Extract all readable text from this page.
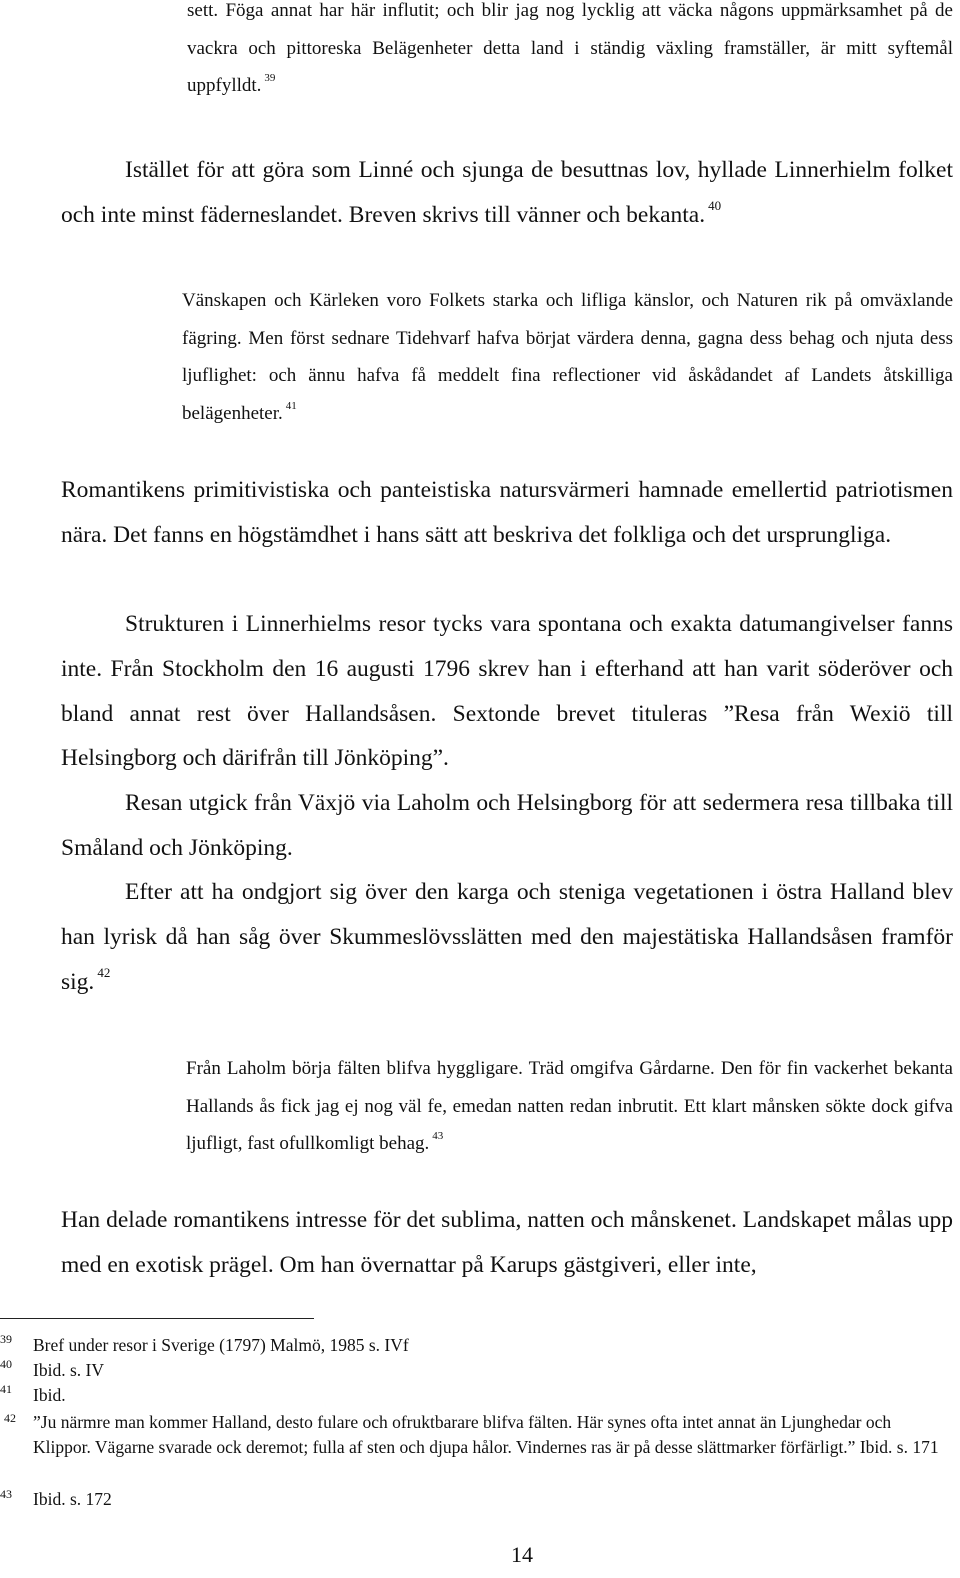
sett. Föga annat har här influtit; och blir jag nog lycklig att väcka någons uppmärksamhet på de vackra och pittoreska Belägenheter detta land i ständig växling framställer, är mitt syftemål uppfylldt. $^{39}$

Istället för att göra som Linné och sjunga de besuttnas lov, hyllade Linnerhielm folket och inte minst fäderneslandet. Breven skrivs till vänner och bekanta. $^{40}$

Vänskapen och Kärleken voro Folkets starka och lifliga känslor, och Naturen rik på omväxlande fägring. Men först sednare Tidehvarf hafva börjat värdera denna, gagna dess behag och njuta dess ljuflighet: och ännu hafva få meddelt fina reflectioner vid åskådandet af Landets åtskilliga belägenheter. $^{41}$

Romantikens primitivistiska och panteistiska natursvärmeri hamnade emellertid patriotismen nära. Det fanns en högstämdhet i hans sätt att beskriva det folkliga och det ursprungliga.

Strukturen i Linnerhielms resor tycks vara spontana och exakta datumangivelser fanns inte. Från Stockholm den 16 augusti 1796 skrev han i efterhand att han varit söderöver och bland annat rest över Hallandsåsen. Sextonde brevet tituleras ”Resa från Wexiö till Helsingborg och därifrån till Jönköping”.

Resan utgick från Växjö via Laholm och Helsingborg för att sedermera resa tillbaka till Småland och Jönköping.

Efter att ha ondgjort sig över den karga och steniga vegetationen i östra Halland blev han lyrisk då han såg över Skummeslövsslätten med den majestätiska Hallandsåsen framför sig. $^{42}$

Från Laholm börja fälten blifva hyggligare. Träd omgifva Gårdarne. Den för fin vackerhet bekanta Hallands ås fick jag ej nog väl fe, emedan natten redan inbrutit. Ett klart månsken sökte dock gifva ljufligt, fast ofullkomligt behag. $^{43}$

Han delade romantikens intresse för det sublima, natten och månskenet. Landskapet målas upp med en exotisk prägel. Om han övernattar på Karups gästgiveri, eller inte,

39 Bref under resor i Sverige (1797) Malmö, 1985 s. IVf
40 Ibid. s. IV
41 Ibid.
42 ”Ju närmre man kommer Halland, desto fulare och ofruktbarare blifva fälten. Här synes ofta intet annat än Ljunghedar och Klippor. Vägarne svarade ock deremot; fulla af sten och djupa hålor. Vindernes ras är på desse slättmarker förfärligt.” Ibid. s. 171
43 Ibid. s. 172
14
